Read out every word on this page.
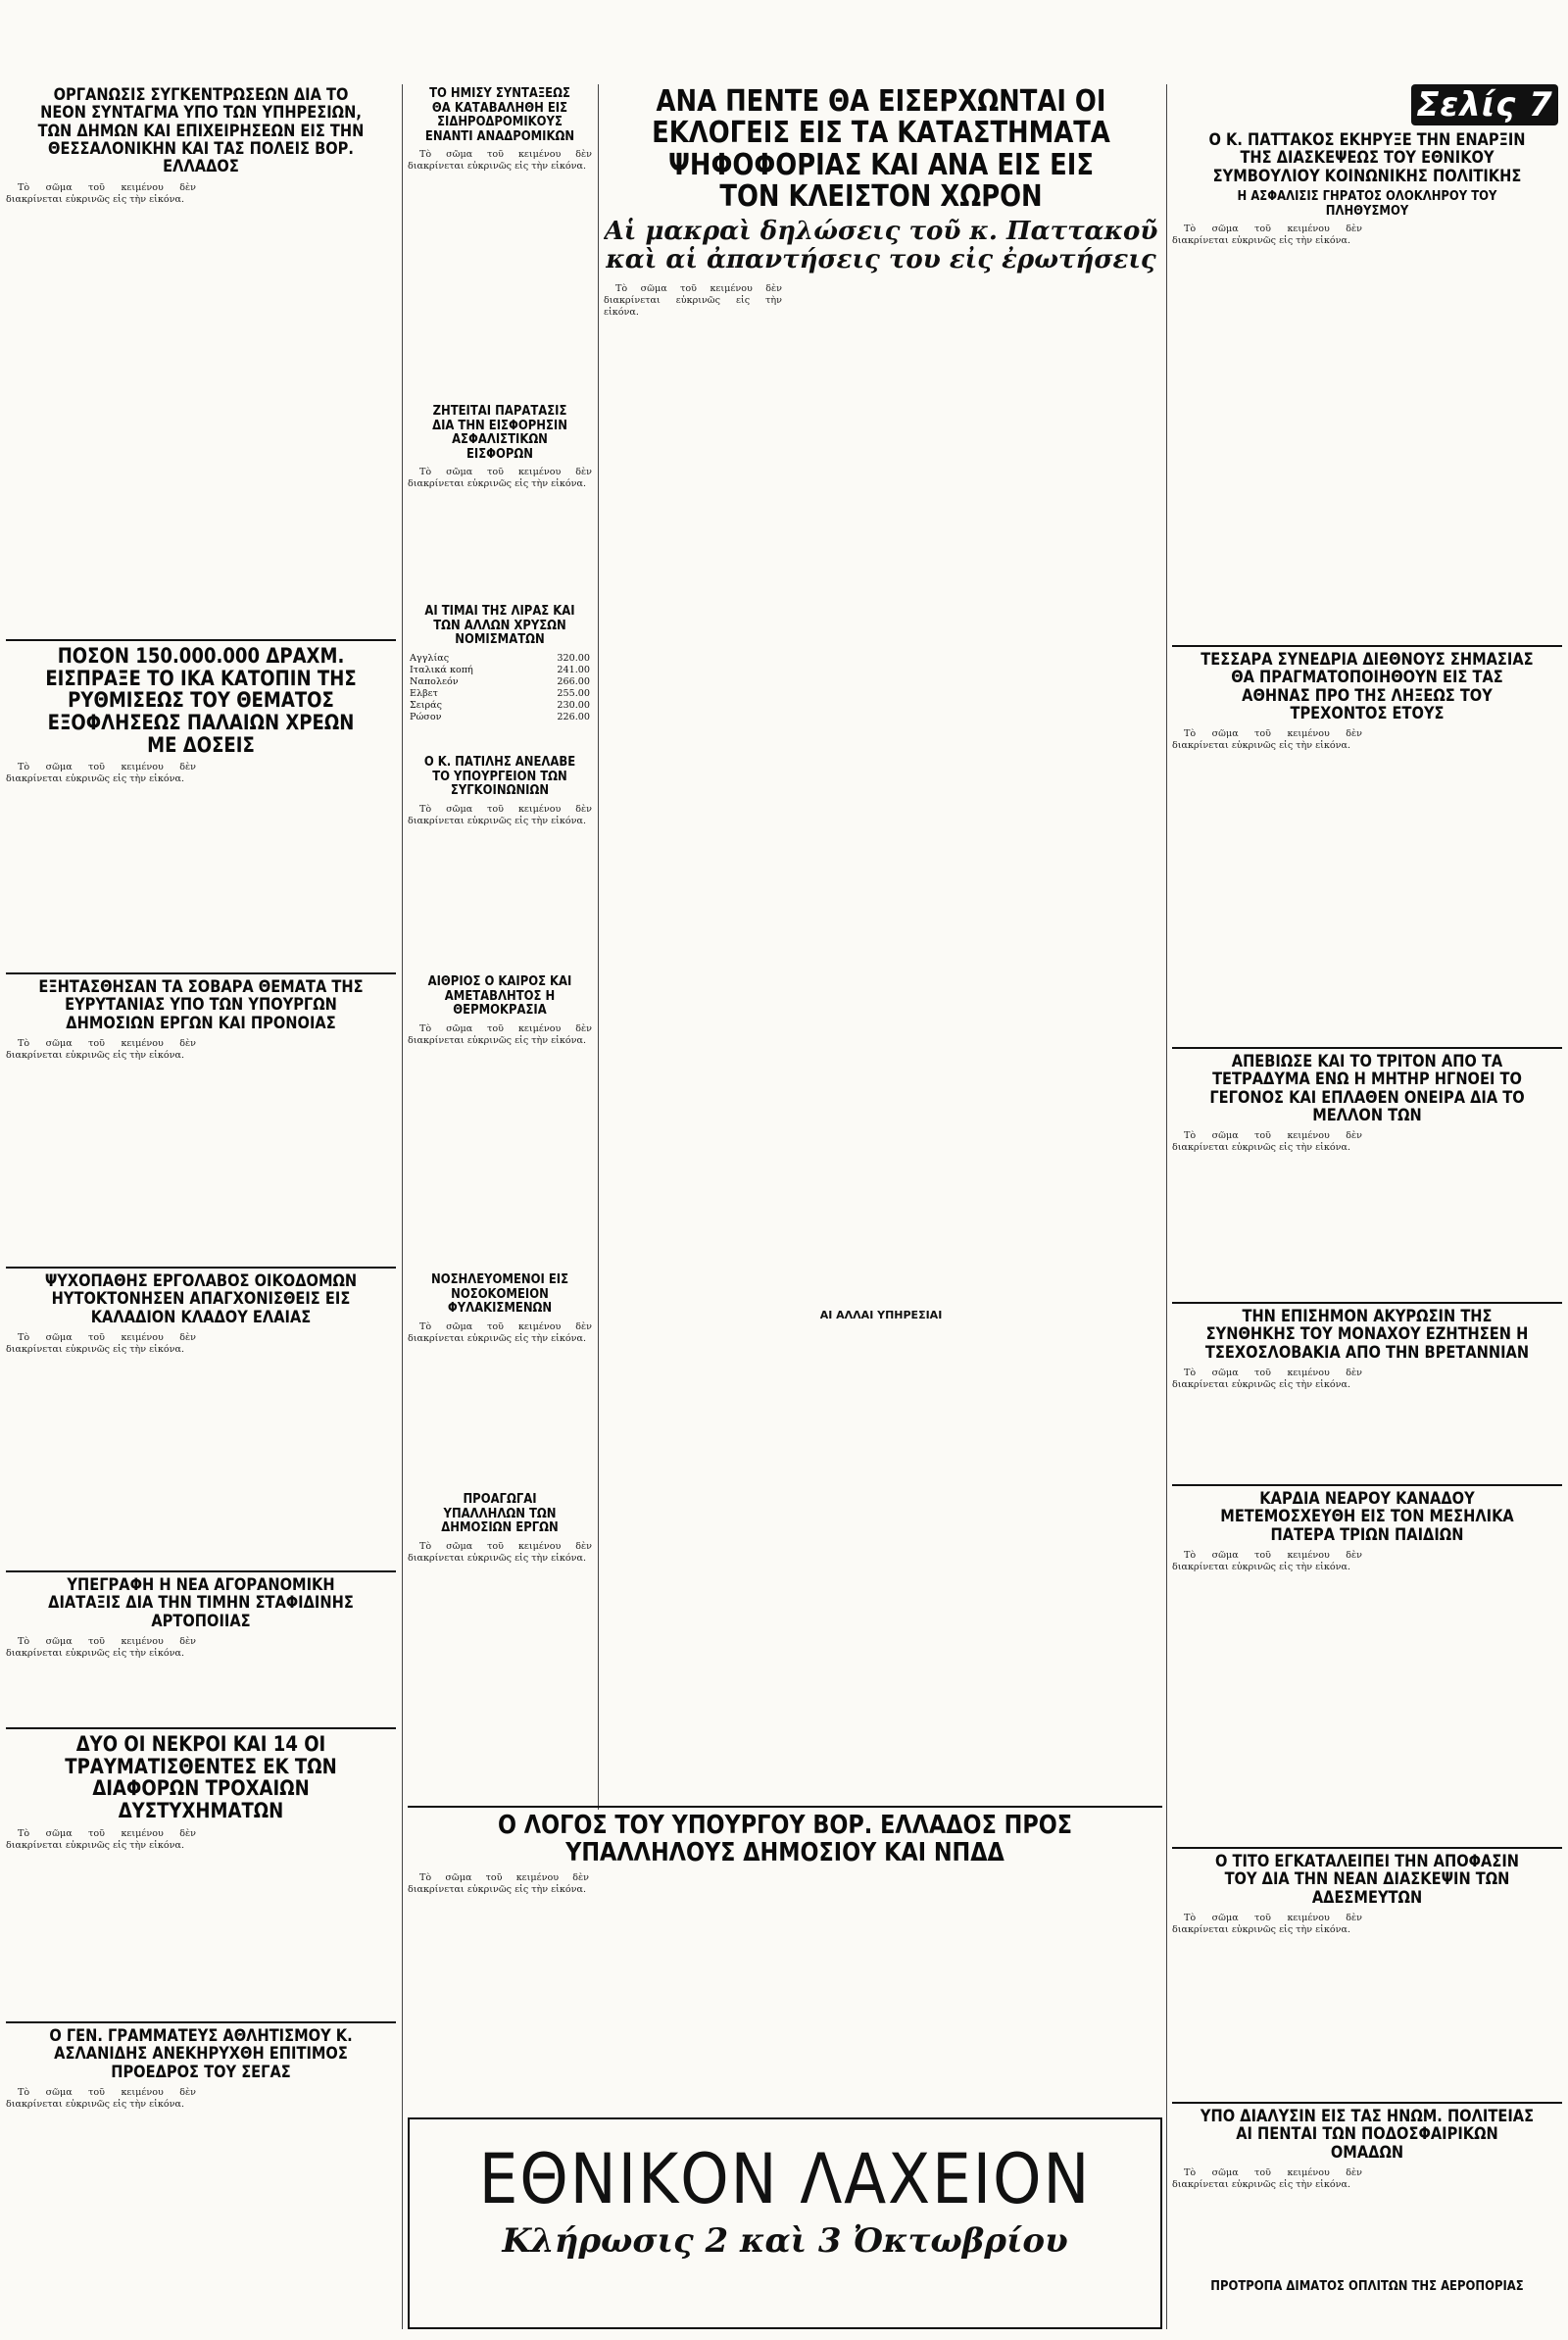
ΟΡΓΑΝΩΣΙΣ ΣΥΓΚΕΝΤΡΩΣΕΩΝ ΔΙΑ ΤΟ ΝΕΟΝ ΣΥΝΤΑΓΜΑ ΥΠΟ ΤΩΝ ΥΠΗΡΕΣΙΩΝ, ΤΩΝ ΔΗΜΩΝ ΚΑΙ ΕΠΙΧΕΙΡΗΣΕΩΝ ΕΙΣ ΤΗΝ ΘΕΣΣΑΛΟΝΙΚΗΝ ΚΑΙ ΤΑΣ ΠΟΛΕΙΣ ΒΟΡ. ΕΛΛΑΔΟΣ
Τὸ σῶμα τοῦ κειμένου δὲν διακρίνεται εὐκρινῶς εἰς τὴν εἰκόνα.
ΠΟΣΟΝ 150.000.000 ΔΡΑΧΜ. ΕΙΣΠΡΑΞΕ ΤΟ ΙΚΑ ΚΑΤΟΠΙΝ ΤΗΣ ΡΥΘΜΙΣΕΩΣ ΤΟΥ ΘΕΜΑΤΟΣ ΕΞΟΦΛΗΣΕΩΣ ΠΑΛΑΙΩΝ ΧΡΕΩΝ ΜΕ ΔΟΣΕΙΣ
Τὸ σῶμα τοῦ κειμένου δὲν διακρίνεται εὐκρινῶς εἰς τὴν εἰκόνα.
ΕΞΗΤΑΣΘΗΣΑΝ ΤΑ ΣΟΒΑΡΑ ΘΕΜΑΤΑ ΤΗΣ ΕΥΡΥΤΑΝΙΑΣ ΥΠΟ ΤΩΝ ΥΠΟΥΡΓΩΝ ΔΗΜΟΣΙΩΝ ΕΡΓΩΝ ΚΑΙ ΠΡΟΝΟΙΑΣ
Τὸ σῶμα τοῦ κειμένου δὲν διακρίνεται εὐκρινῶς εἰς τὴν εἰκόνα.
ΨΥΧΟΠΑΘΗΣ ΕΡΓΟΛΑΒΟΣ ΟΙΚΟΔΟΜΩΝ ΗΥΤΟΚΤΟΝΗΣΕΝ ΑΠΑΓΧΟΝΙΣΘΕΙΣ ΕΙΣ ΚΑΛΑΔΙΟΝ ΚΛΑΔΟΥ ΕΛΑΙΑΣ
Τὸ σῶμα τοῦ κειμένου δὲν διακρίνεται εὐκρινῶς εἰς τὴν εἰκόνα.
ΥΠΕΓΡΑΦΗ Η ΝΕΑ ΑΓΟΡΑΝΟΜΙΚΗ ΔΙΑΤΑΞΙΣ ΔΙΑ ΤΗΝ ΤΙΜΗΝ ΣΤΑΦΙΔΙΝΗΣ ΑΡΤΟΠΟΙΙΑΣ
Τὸ σῶμα τοῦ κειμένου δὲν διακρίνεται εὐκρινῶς εἰς τὴν εἰκόνα.
ΔΥΟ ΟΙ ΝΕΚΡΟΙ ΚΑΙ 14 ΟΙ ΤΡΑΥΜΑΤΙΣΘΕΝΤΕΣ ΕΚ ΤΩΝ ΔΙΑΦΟΡΩΝ ΤΡΟΧΑΙΩΝ ΔΥΣΤΥΧΗΜΑΤΩΝ
Τὸ σῶμα τοῦ κειμένου δὲν διακρίνεται εὐκρινῶς εἰς τὴν εἰκόνα.
Ο ΓΕΝ. ΓΡΑΜΜΑΤΕΥΣ ΑΘΛΗΤΙΣΜΟΥ Κ. ΑΣΛΑΝΙΔΗΣ ΑΝΕΚΗΡΥΧΘΗ ΕΠΙΤΙΜΟΣ ΠΡΟΕΔΡΟΣ ΤΟΥ ΣΕΓΑΣ
Τὸ σῶμα τοῦ κειμένου δὲν διακρίνεται εὐκρινῶς εἰς τὴν εἰκόνα.
ΤΟ ΗΜΙΣΥ ΣΥΝΤΑΞΕΩΣ ΘΑ ΚΑΤΑΒΑΛΗΘΗ ΕΙΣ ΣΙΔΗΡΟΔΡΟΜΙΚΟΥΣ ΕΝΑΝΤΙ ΑΝΑΔΡΟΜΙΚΩΝ
Τὸ σῶμα τοῦ κειμένου δὲν διακρίνεται εὐκρινῶς εἰς τὴν εἰκόνα.
ΖΗΤΕΙΤΑΙ ΠΑΡΑΤΑΣΙΣ ΔΙΑ ΤΗΝ ΕΙΣΦΟΡΗΣΙΝ ΑΣΦΑΛΙΣΤΙΚΩΝ ΕΙΣΦΟΡΩΝ
Τὸ σῶμα τοῦ κειμένου δὲν διακρίνεται εὐκρινῶς εἰς τὴν εἰκόνα.
ΑΙ ΤΙΜΑΙ ΤΗΣ ΛΙΡΑΣ ΚΑΙ ΤΩΝ ΑΛΛΩΝ ΧΡΥΣΩΝ ΝΟΜΙΣΜΑΤΩΝ
Αγγλίας	320.00
Ιταλικά κοπή	241.00
Ναπολεόν	266.00
Ελβετ	255.00
Σειράς	230.00
Ρώσον	226.00
Ο Κ. ΠΑΤΙΛΗΣ ΑΝΕΛΑΒΕ ΤΟ ΥΠΟΥΡΓΕΙΟΝ ΤΩΝ ΣΥΓΚΟΙΝΩΝΙΩΝ
Τὸ σῶμα τοῦ κειμένου δὲν διακρίνεται εὐκρινῶς εἰς τὴν εἰκόνα.
ΑΙΘΡΙΟΣ Ο ΚΑΙΡΟΣ ΚΑΙ ΑΜΕΤΑΒΛΗΤΟΣ Η ΘΕΡΜΟΚΡΑΣΙΑ
Τὸ σῶμα τοῦ κειμένου δὲν διακρίνεται εὐκρινῶς εἰς τὴν εἰκόνα.
ΝΟΣΗΛΕΥΟΜΕΝΟΙ ΕΙΣ ΝΟΣΟΚΟΜΕΙΟΝ ΦΥΛΑΚΙΣΜΕΝΩΝ
Τὸ σῶμα τοῦ κειμένου δὲν διακρίνεται εὐκρινῶς εἰς τὴν εἰκόνα.
ΠΡΟΑΓΩΓΑΙ ΥΠΑΛΛΗΛΩΝ ΤΩΝ ΔΗΜΟΣΙΩΝ ΕΡΓΩΝ
Τὸ σῶμα τοῦ κειμένου δὲν διακρίνεται εὐκρινῶς εἰς τὴν εἰκόνα.
ΑΝΑ ΠΕΝΤΕ ΘΑ ΕΙΣΕΡΧΩΝΤΑΙ ΟΙ ΕΚΛΟΓΕΙΣ ΕΙΣ ΤΑ ΚΑΤΑΣΤΗΜΑΤΑ ΨΗΦΟΦΟΡΙΑΣ ΚΑΙ ΑΝΑ ΕΙΣ ΕΙΣ ΤΟΝ ΚΛΕΙΣΤΟΝ ΧΩΡΟΝ
Αἱ μακραὶ δηλώσεις τοῦ κ. Παττακοῦ καὶ αἱ ἀπαντήσεις του εἰς ἐρωτήσεις
Τὸ σῶμα τοῦ κειμένου δὲν διακρίνεται εὐκρινῶς εἰς τὴν εἰκόνα.
ΑΙ ΑΛΛΑΙ ΥΠΗΡΕΣΙΑΙ
Ο ΛΟΓΟΣ ΤΟΥ ΥΠΟΥΡΓΟΥ ΒΟΡ. ΕΛΛΑΔΟΣ ΠΡΟΣ ΥΠΑΛΛΗΛΟΥΣ ΔΗΜΟΣΙΟΥ ΚΑΙ ΝΠΔΔ
Τὸ σῶμα τοῦ κειμένου δὲν διακρίνεται εὐκρινῶς εἰς τὴν εἰκόνα.
ΕΘΝΙΚΟΝ ΛΑΧΕΙΟΝ
Κλήρωσις 2 καὶ 3 Ὀκτωβρίου
Σελίς 7
Ο Κ. ΠΑΤΤΑΚΟΣ ΕΚΗΡΥΞΕ ΤΗΝ ΕΝΑΡΞΙΝ ΤΗΣ ΔΙΑΣΚΕΨΕΩΣ ΤΟΥ ΕΘΝΙΚΟΥ ΣΥΜΒΟΥΛΙΟΥ ΚΟΙΝΩΝΙΚΗΣ ΠΟΛΙΤΙΚΗΣ
Η ΑΣΦΑΛΙΣΙΣ ΓΗΡΑΤΟΣ ΟΛΟΚΛΗΡΟΥ ΤΟΥ ΠΛΗΘΥΣΜΟΥ
Τὸ σῶμα τοῦ κειμένου δὲν διακρίνεται εὐκρινῶς εἰς τὴν εἰκόνα.
ΤΕΣΣΑΡΑ ΣΥΝΕΔΡΙΑ ΔΙΕΘΝΟΥΣ ΣΗΜΑΣΙΑΣ ΘΑ ΠΡΑΓΜΑΤΟΠΟΙΗΘΟΥΝ ΕΙΣ ΤΑΣ ΑΘΗΝΑΣ ΠΡΟ ΤΗΣ ΛΗΞΕΩΣ ΤΟΥ ΤΡΕΧΟΝΤΟΣ ΕΤΟΥΣ
Τὸ σῶμα τοῦ κειμένου δὲν διακρίνεται εὐκρινῶς εἰς τὴν εἰκόνα.
ΑΠΕΒΙΩΣΕ ΚΑΙ ΤΟ ΤΡΙΤΟΝ ΑΠΟ ΤΑ ΤΕΤΡΑΔΥΜΑ ΕΝΩ Η ΜΗΤΗΡ ΗΓΝΟΕΙ ΤΟ ΓΕΓΟΝΟΣ ΚΑΙ ΕΠΛΑΘΕΝ ΟΝΕΙΡΑ ΔΙΑ ΤΟ ΜΕΛΛΟΝ ΤΩΝ
Τὸ σῶμα τοῦ κειμένου δὲν διακρίνεται εὐκρινῶς εἰς τὴν εἰκόνα.
ΤΗΝ ΕΠΙΣΗΜΟΝ ΑΚΥΡΩΣΙΝ ΤΗΣ ΣΥΝΘΗΚΗΣ ΤΟΥ ΜΟΝΑΧΟΥ ΕΖΗΤΗΣΕΝ Η ΤΣΕΧΟΣΛΟΒΑΚΙΑ ΑΠΟ ΤΗΝ ΒΡΕΤΑΝΝΙΑΝ
Τὸ σῶμα τοῦ κειμένου δὲν διακρίνεται εὐκρινῶς εἰς τὴν εἰκόνα.
ΚΑΡΔΙΑ ΝΕΑΡΟΥ ΚΑΝΑΔΟΥ ΜΕΤΕΜΟΣΧΕΥΘΗ ΕΙΣ ΤΟΝ ΜΕΣΗΛΙΚΑ ΠΑΤΕΡΑ ΤΡΙΩΝ ΠΑΙΔΙΩΝ
Τὸ σῶμα τοῦ κειμένου δὲν διακρίνεται εὐκρινῶς εἰς τὴν εἰκόνα.
Ο ΤΙΤΟ ΕΓΚΑΤΑΛΕΙΠΕΙ ΤΗΝ ΑΠΟΦΑΣΙΝ ΤΟΥ ΔΙΑ ΤΗΝ ΝΕΑΝ ΔΙΑΣΚΕΨΙΝ ΤΩΝ ΑΔΕΣΜΕΥΤΩΝ
Τὸ σῶμα τοῦ κειμένου δὲν διακρίνεται εὐκρινῶς εἰς τὴν εἰκόνα.
ΥΠΟ ΔΙΑΛΥΣΙΝ ΕΙΣ ΤΑΣ ΗΝΩΜ. ΠΟΛΙΤΕΙΑΣ ΑΙ ΠΕΝΤΑΙ ΤΩΝ ΠΟΔΟΣΦΑΙΡΙΚΩΝ ΟΜΑΔΩΝ
Τὸ σῶμα τοῦ κειμένου δὲν διακρίνεται εὐκρινῶς εἰς τὴν εἰκόνα.
ΠΡΟΤΡΟΠΑ ΔΙΜΑΤΟΣ ΟΠΛΙΤΩΝ ΤΗΣ ΑΕΡΟΠΟΡΙΑΣ
